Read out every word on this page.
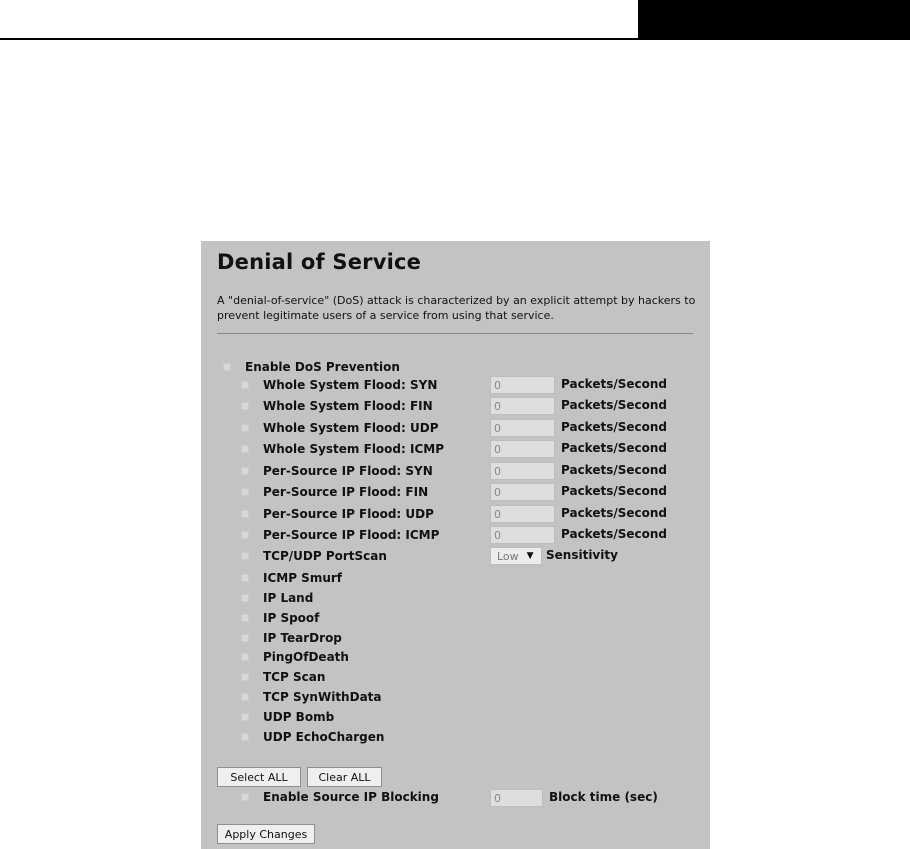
Denial of Service
A "denial-of-service" (DoS) attack is characterized by an explicit attempt by hackers to prevent legitimate users of a service from using that service.
Enable DoS Prevention
Whole System Flood: SYN	0	Packets/Second
Whole System Flood: FIN	0	Packets/Second
Whole System Flood: UDP	0	Packets/Second
Whole System Flood: ICMP	0	Packets/Second
Per-Source IP Flood: SYN	0	Packets/Second
Per-Source IP Flood: FIN	0	Packets/Second
Per-Source IP Flood: UDP	0	Packets/Second
Per-Source IP Flood: ICMP	0	Packets/Second
TCP/UDP PortScan	Low ▼ Sensitivity
ICMP Smurf
IP Land
IP Spoof
IP TearDrop
PingOfDeath
TCP Scan
TCP SynWithData
UDP Bomb
UDP EchoChargen
Select ALL	Clear ALL
Enable Source IP Blocking	0	Block time (sec)
Apply Changes
